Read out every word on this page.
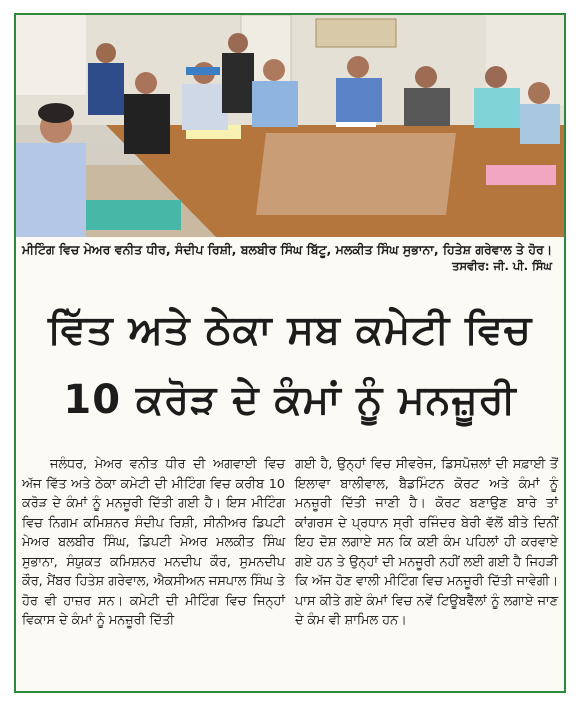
ਮੀਟਿੰਗ ਵਿਚ ਮੇਅਰ ਵਨੀਤ ਧੀਰ, ਸੰਦੀਪ ਰਿਸ਼ੀ, ਬਲਬੀਰ ਸਿੰਘ ਬਿੱਟੂ, ਮਲਕੀਤ ਸਿੰਘ ਸੁਭਾਨਾ, ਹਿਤੇਸ਼ ਗਰੇਵਾਲ ਤੇ ਹੋਰ।
ਤਸਵੀਰ: ਜੀ. ਪੀ. ਸਿੰਘ
ਵਿੱਤ ਅਤੇ ਠੇਕਾ ਸਬ ਕਮੇਟੀ ਵਿਚ
10 ਕਰੋੜ ਦੇ ਕੰਮਾਂ ਨੂੰ ਮਨਜ਼ੂਰੀ

ਜਲੰਧਰ, ਮੇਅਰ ਵਨੀਤ ਧੀਰ ਦੀ ਅਗਵਾਈ ਵਿਚ ਅੱਜ ਵਿੱਤ ਅਤੇ ਠੇਕਾ ਕਮੇਟੀ ਦੀ ਮੀਟਿੰਗ ਵਿਚ ਕਰੀਬ 10 ਕਰੋੜ ਦੇ ਕੰਮਾਂ ਨੂੰ ਮਨਜ਼ੂਰੀ ਦਿੱਤੀ ਗਈ ਹੈ। ਇਸ ਮੀਟਿੰਗ ਵਿਚ ਨਿਗਮ ਕਮਿਸ਼ਨਰ ਸੰਦੀਪ ਰਿਸ਼ੀ, ਸੀਨੀਅਰ ਡਿਪਟੀ ਮੇਅਰ ਬਲਬੀਰ ਸਿੰਘ, ਡਿਪਟੀ ਮੇਅਰ ਮਲਕੀਤ ਸਿੰਘ ਸੁਭਾਨਾ, ਸੰਯੁਕਤ ਕਮਿਸ਼ਨਰ ਮਨਦੀਪ ਕੌਰ, ਸੁਮਨਦੀਪ ਕੌਰ, ਮੈਂਬਰ ਹਿਤੇਸ਼ ਗਰੇਵਾਲ, ਐਕਸੀਅਨ ਜਸਪਾਲ ਸਿੰਘ ਤੇ ਹੋਰ ਵੀ ਹਾਜ਼ਰ ਸਨ। ਕਮੇਟੀ ਦੀ ਮੀਟਿੰਗ ਵਿਚ ਜਿਨ੍ਹਾਂ ਵਿਕਾਸ ਦੇ ਕੰਮਾਂ ਨੂੰ ਮਨਜ਼ੂਰੀ ਦਿੱਤੀ

ਗਈ ਹੈ, ਉਨ੍ਹਾਂ ਵਿਚ ਸੀਵਰੇਜ, ਡਿਸਪੋਜ਼ਲਾਂ ਦੀ ਸਫ਼ਾਈ ਤੋਂ ਇਲਾਵਾ ਬਾਲੀਵਾਲ, ਬੈਡਮਿੰਟਨ ਕੋਰਟ ਅਤੇ ਕੰਮਾਂ ਨੂੰ ਮਨਜ਼ੂਰੀ ਦਿੱਤੀ ਜਾਣੀ ਹੈ। ਕੋਰਟ ਬਣਾਉਣ ਬਾਰੇ ਤਾਂ ਕਾਂਗਰਸ ਦੇ ਪ੍ਰਧਾਨ ਸ੍ਰੀ ਰਜਿੰਦਰ ਬੇਰੀ ਵੱਲੋਂ ਬੀਤੇ ਦਿਨੀਂ ਇਹ ਦੋਸ਼ ਲਗਾਏ ਸਨ ਕਿ ਕਈ ਕੰਮ ਪਹਿਲਾਂ ਹੀ ਕਰਵਾਏ ਗਏ ਹਨ ਤੇ ਉਨ੍ਹਾਂ ਦੀ ਮਨਜ਼ੂਰੀ ਨਹੀਂ ਲਈ ਗਈ ਹੈ ਜਿਹੜੀ ਕਿ ਅੱਜ ਹੋਣ ਵਾਲੀ ਮੀਟਿੰਗ ਵਿਚ ਮਨਜ਼ੂਰੀ ਦਿੱਤੀ ਜਾਵੇਗੀ। ਪਾਸ ਕੀਤੇ ਗਏ ਕੰਮਾਂ ਵਿਚ ਨਵੇਂ ਟਿਊਬਵੈੱਲਾਂ ਨੂੰ ਲਗਾਏ ਜਾਣ ਦੇ ਕੰਮ ਵੀ ਸ਼ਾਮਿਲ ਹਨ।
